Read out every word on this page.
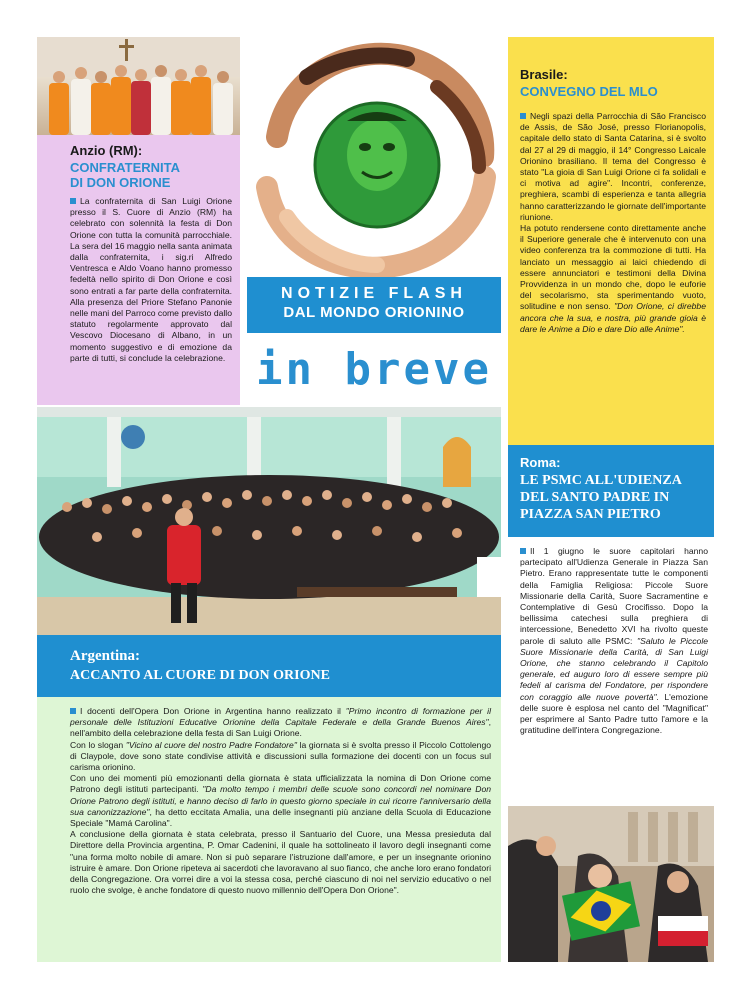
Anzio (RM):
CONFRATERNITA DI DON ORIONE
La confraternita di San Luigi Orione presso il S. Cuore di Anzio (RM) ha celebrato con solennità la festa di Don Orione con tutta la comunità parrocchiale. La sera del 16 maggio nella santa animata dalla confraternita, i sig.ri Alfredo Ventresca e Aldo Voano hanno promesso fedeltà nello spirito di Don Orione e così sono entrati a far parte della confraternita. Alla presenza del Priore Stefano Panonie nelle mani del Parroco come previsto dallo statuto regolarmente approvato dal Vescovo Diocesano di Albano, in un momento suggestivo e di emozione da parte di tutti, si conclude la celebrazione.
NOTIZIE FLASH
DAL MONDO ORIONINO
in breve
Brasile:
CONVEGNO DEL MLO

Negli spazi della Parrocchia di São Francisco de Assis, de São José, presso Florianopolis, capitale dello stato di Santa Catarina, si è svolto dal 27 al 29 di maggio, il 14° Congresso Laicale Orionino brasiliano. Il tema del Congresso è stato "La gioia di San Luigi Orione ci fa solidali e ci motiva ad agire". Incontri, conferenze, preghiera, scambi di esperienza e tanta allegria hanno caratterizzando le giornate dell'importante riunione.

Ha potuto rendersene conto direttamente anche il Superiore generale che è intervenuto con una video conferenza tra la commozione di tutti. Ha lanciato un messaggio ai laici chiedendo di essere annunciatori e testimoni della Divina Provvidenza in un mondo che, dopo le euforie del secolarismo, sta sperimentando vuoto, solitudine e non senso. "Don Orione, ci direbbe ancora che la sua, e nostra, più grande gioia è dare le Anime a Dio e dare Dio alle Anime".

Roma:
LE PSMC ALL'UDIENZA DEL SANTO PADRE IN PIAZZA SAN PIETRO

Il 1 giugno le suore capitolari hanno partecipato all'Udienza Generale in Piazza San Pietro. Erano rappresentate tutte le componenti della Famiglia Religiosa: Piccole Suore Missionarie della Carità, Suore Sacramentine e Contemplative di Gesù Crocifisso. Dopo la bellissima catechesi sulla preghiera di intercessione, Benedetto XVI ha rivolto queste parole di saluto alle PSMC: "Saluto le Piccole Suore Missionarie della Carità, di San Luigi Orione, che stanno celebrando il Capitolo generale, ed auguro loro di essere sempre più fedeli al carisma del Fondatore, per rispondere con coraggio alle nuove povertà". L'emozione delle suore è esplosa nel canto del "Magnificat" per esprimere al Santo Padre tutto l'amore e la gratitudine dell'intera Congregazione.

Argentina:
ACCANTO AL CUORE DI DON ORIONE

I docenti dell'Opera Don Orione in Argentina hanno realizzato il "Primo incontro di formazione per il personale delle Istituzioni Educative Orionine della Capitale Federale e della Grande Buenos Aires", nell'ambito della celebrazione della festa di San Luigi Orione.

Con lo slogan "Vicino al cuore del nostro Padre Fondatore" la giornata si è svolta presso il Piccolo Cottolengo di Claypole, dove sono state condivise attività e discussioni sulla formazione dei docenti con un focus sul carisma orionino.

Con uno dei momenti più emozionanti della giornata è stata ufficializzata la nomina di Don Orione come Patrono degli istituti partecipanti. "Da molto tempo i membri delle scuole sono concordi nel nominare Don Orione Patrono degli istituti, e hanno deciso di farlo in questo giorno speciale in cui ricorre l'anniversario della sua canonizzazione", ha detto eccitata Amalia, una delle insegnanti più anziane della Scuola di Educazione Speciale "Mamá Carolina".

A conclusione della giornata è stata celebrata, presso il Santuario del Cuore, una Messa presieduta dal Direttore della Provincia argentina, P. Omar Cadenini, il quale ha sottolineato il lavoro degli insegnanti come "una forma molto nobile di amare. Non si può separare l'istruzione dall'amore, e per un insegnante orionino istruire è amare. Don Orione ripeteva ai sacerdoti che lavoravano al suo fianco, che anche loro erano fondatori della Congregazione. Ora vorrei dire a voi la stessa cosa, perché ciascuno di noi nel servizio educativo o nel ruolo che svolge, è anche fondatore di questo nuovo millennio dell'Opera Don Orione".
